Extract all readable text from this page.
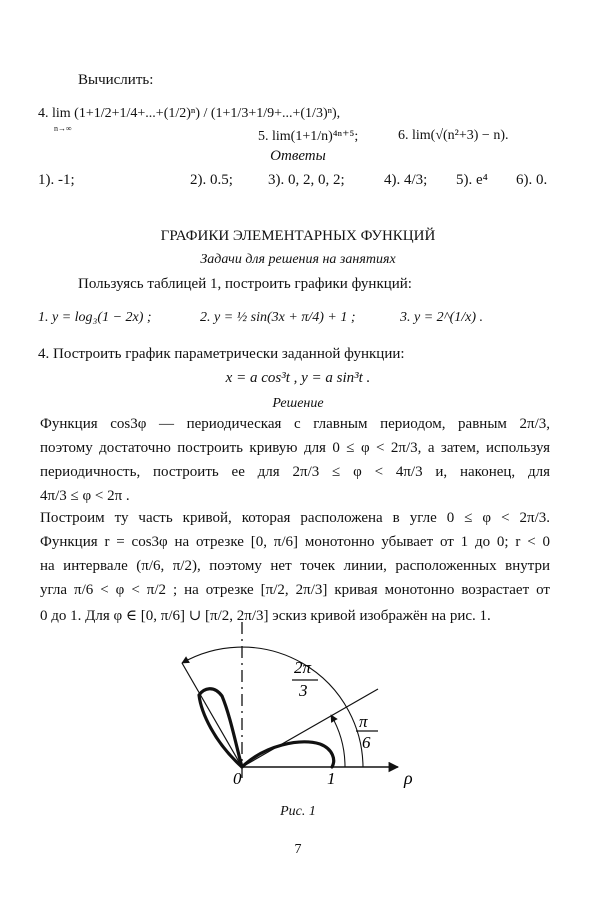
Вычислить:
4. lim (1+1/2+1/4+...+(1/2)ⁿ) / (1+1/3+1/9+...+(1/3)ⁿ),
n→∞
5. lim(1+1/n)⁴ⁿ⁺⁵;	6. lim(√(n²+3) − n).
Ответы
1). -1;	2). 0.5; 3). 0, 2, 0, 2;	4). 4/3; 5). e⁴ 6). 0.
ГРАФИКИ ЭЛЕМЕНТАРНЫХ ФУНКЦИЙ
Задачи для решения на занятиях
Пользуясь таблицей 1, построить графики функций:
1. y = log₃(1 − 2x) ;	2. y = ½ sin(3x + π/4) + 1 ;	3. y = 2^(1/x) .
4. Построить график параметрически заданной функции:
x = a cos³t , y = a sin³t .
Решение
Функция cos3φ — периодическая с главным периодом, равным 2π/3,
поэтому достаточно построить кривую для 0 ≤ φ < 2π/3, а затем, используя
периодичность, построить ее для 2π/3 ≤ φ < 4π/3 и, наконец, для
4π/3 ≤ φ < 2π .
Построим ту часть кривой, которая расположена в угле 0 ≤ φ < 2π/3.
Функция r = cos3φ на отрезке [0, π/6] монотонно убывает от 1 до 0; r < 0
на интервале (π/6, π/2), поэтому нет точек линии, расположенных внутри
угла π/6 < φ < π/2 ; на отрезке [π/2, 2π/3] кривая монотонно возрастает от
0 до 1. Для φ ∈ [0, π/6] ∪ [π/2, 2π/3] эскиз кривой изображён на рис. 1.
2π
3
π
6
0	1	ρ
Рис. 1
7
